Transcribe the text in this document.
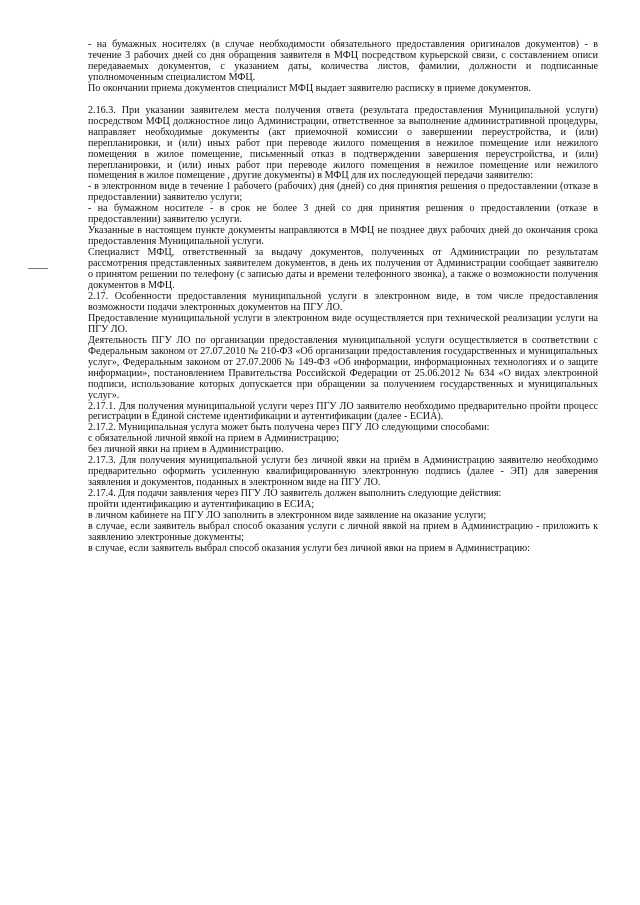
- на бумажных носителях (в случае необходимости обязательного предоставления оригиналов документов) - в течение 3 рабочих дней со дня обращения заявителя в МФЦ посредством курьерской связи, с составлением описи передаваемых документов, с указанием даты, количества листов, фамилии, должности и подписанные уполномоченным специалистом МФЦ.

По окончании приема документов специалист МФЦ выдает заявителю расписку в приеме документов.

2.16.3. При указании заявителем места получения ответа (результата предоставления Муниципальной услуги) посредством МФЦ должностное лицо Администрации, ответственное за выполнение административной процедуры, направляет необходимые документы (акт приемочной комиссии о завершении переустройства, и (или) перепланировки, и (или) иных работ при переводе жилого помещения в нежилое помещение или нежилого помещения в жилое помещение, письменный отказ в подтверждении завершения переустройства, и (или) перепланировки, и (или) иных работ при переводе жилого помещения в нежилое помещение или нежилого помещения в жилое помещение , другие документы) в МФЦ для их последующей передачи заявителю:

- в электронном виде в течение 1 рабочего (рабочих) дня (дней) со дня принятия решения о предоставлении (отказе в предоставлении) заявителю услуги;

- на бумажном носителе - в срок не более 3 дней со дня принятия решения о предоставлении (отказе в предоставлении) заявителю услуги.

Указанные в настоящем пункте документы направляются в МФЦ не позднее двух рабочих дней до окончания срока предоставления Муниципальной услуги.

Специалист МФЦ, ответственный за выдачу документов, полученных от Администрации по результатам рассмотрения представленных заявителем документов, в день их получения от Администрации сообщает заявителю о принятом решении по телефону (с записью даты и времени телефонного звонка), а также о возможности получения документов в МФЦ.

2.17. Особенности предоставления муниципальной услуги в электронном виде, в том числе предоставления возможности подачи электронных документов на ПГУ ЛО.

Предоставление муниципальной услуги в электронном виде осуществляется при технической реализации услуги на ПГУ ЛО.

Деятельность ПГУ ЛО по организации предоставления муниципальной услуги осуществляется в соответствии с Федеральным законом от 27.07.2010 № 210-ФЗ «Об организации предоставления государственных и муниципальных услуг», Федеральным законом от 27.07.2006 № 149-ФЗ «Об информации, информационных технологиях и о защите информации», постановлением Правительства Российской Федерации от 25.06.2012 № 634 «О видах электронной подписи, использование которых допускается при обращении за получением государственных и муниципальных услуг».

2.17.1. Для получения муниципальной услуги через ПГУ ЛО заявителю необходимо предварительно пройти процесс регистрации в Единой системе идентификации и аутентификации (далее - ЕСИА).

2.17.2. Муниципальная услуга может быть получена через ПГУ ЛО следующими способами:

с обязательной личной явкой на прием в Администрацию;

без личной явки на прием в Администрацию.

2.17.3. Для получения муниципальной услуги без личной явки на приём в Администрацию заявителю необходимо предварительно оформить усиленную квалифицированную электронную подпись (далее - ЭП) для заверения заявления и документов, поданных в электронном виде на ПГУ ЛО.

2.17.4. Для подачи заявления через ПГУ ЛО заявитель должен выполнить следующие действия:

пройти идентификацию и аутентификацию в ЕСИА;

в личном кабинете на ПГУ ЛО заполнить в электронном виде заявление на оказание услуги;

в случае, если заявитель выбрал способ оказания услуги с личной явкой на прием в Администрацию - приложить к заявлению электронные документы;

в случае, если заявитель выбрал способ оказания услуги без личной явки на прием в Администрацию:
